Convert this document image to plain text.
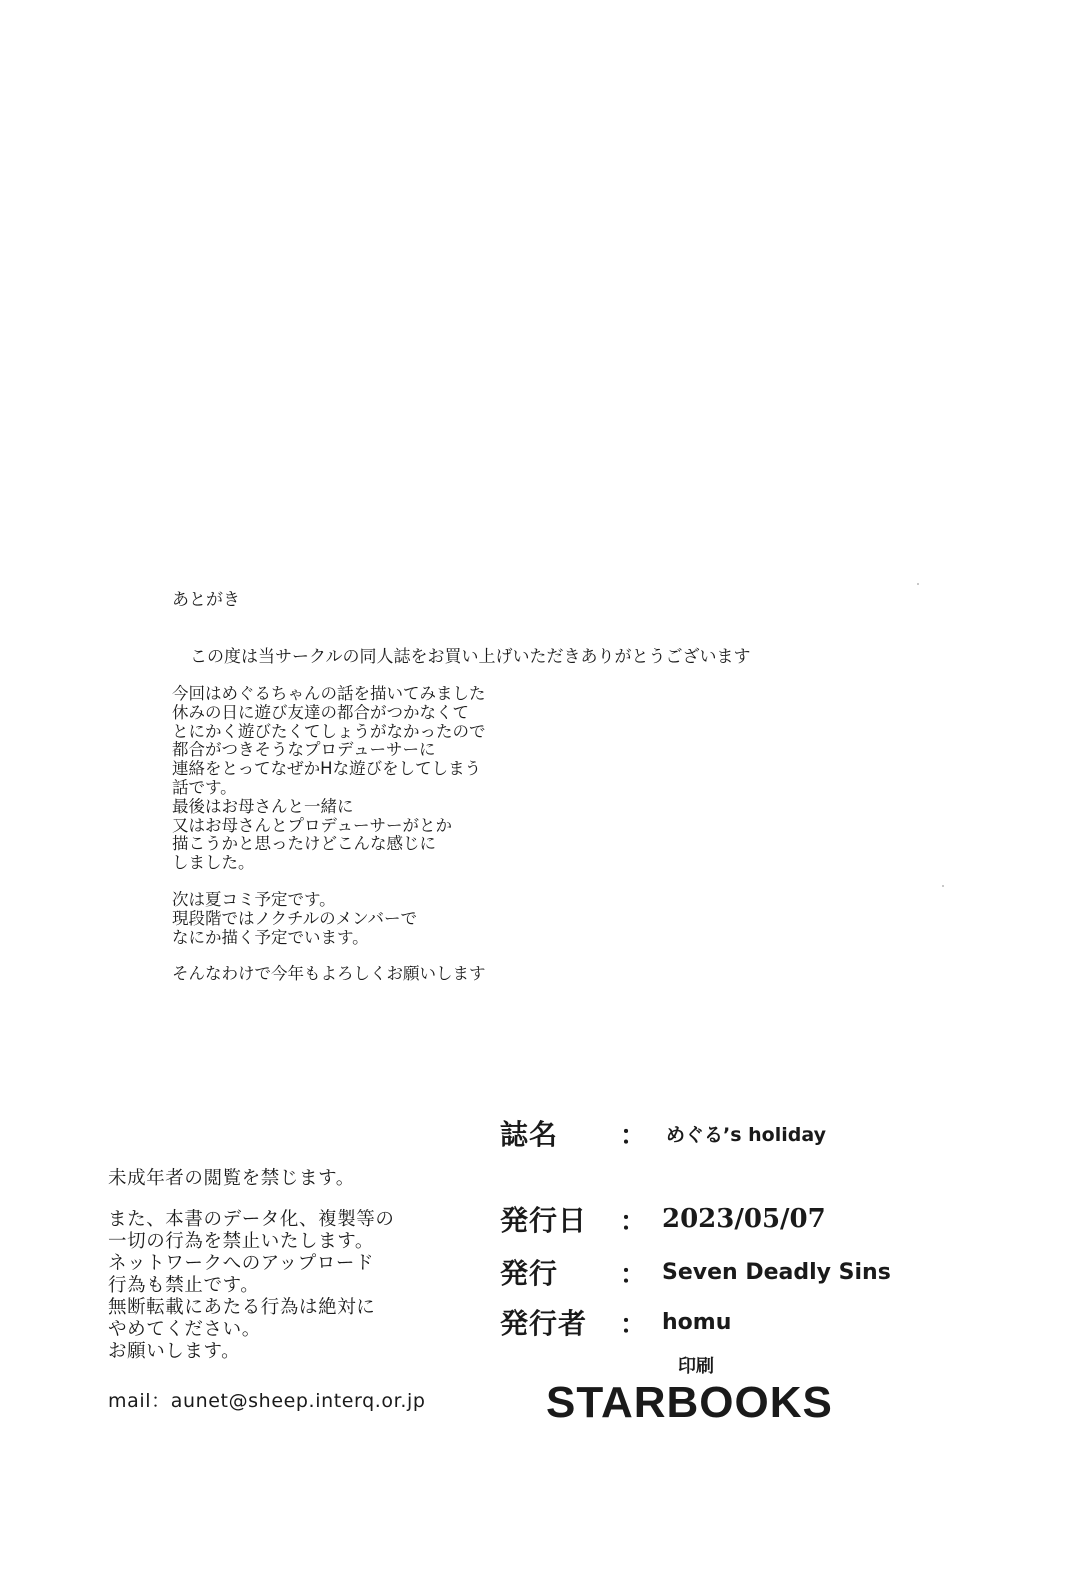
あとがき
この度は当サークルの同人誌をお買い上げいただきありがとうございます
今回はめぐるちゃんの話を描いてみました
休みの日に遊び友達の都合がつかなくて
とにかく遊びたくてしょうがなかったので
都合がつきそうなプロデューサーに
連絡をとってなぜかHな遊びをしてしまう
話です。
最後はお母さんと一緒に
又はお母さんとプロデューサーがとか
描こうかと思ったけどこんな感じに
しました。
次は夏コミ予定です。
現段階ではノクチルのメンバーで
なにか描く予定でいます。
そんなわけで今年もよろしくお願いします
未成年者の閲覧を禁じます。
また、本書のデータ化、複製等の
一切の行為を禁止いたします。
ネットワークへのアップロード
行為も禁止です。
無断転載にあたる行為は絶対に
やめてください。
お願いします。
mail：aunet@sheep.interq.or.jp
誌名	： めぐる’s holiday
発行日	： 2023/05/07
発行	： Seven Deadly Sins
発行者	： homu
印刷
STARBOOKS
